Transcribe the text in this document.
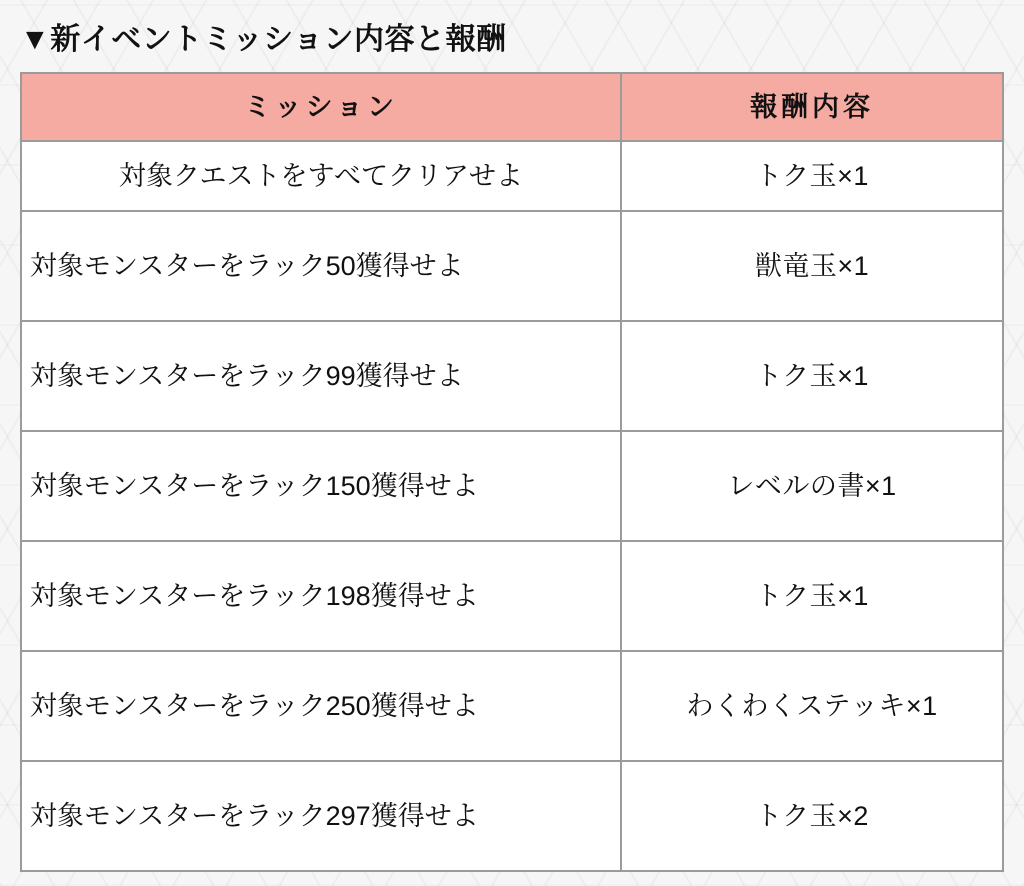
▼新イベントミッション内容と報酬
ミッション	報酬内容
対象クエストをすべてクリアせよ	トク玉×1
対象モンスターをラック50獲得せよ	獣竜玉×1
対象モンスターをラック99獲得せよ	トク玉×1
対象モンスターをラック150獲得せよ	レベルの書×1
対象モンスターをラック198獲得せよ	トク玉×1
対象モンスターをラック250獲得せよ	わくわくステッキ×1
対象モンスターをラック297獲得せよ	トク玉×2
